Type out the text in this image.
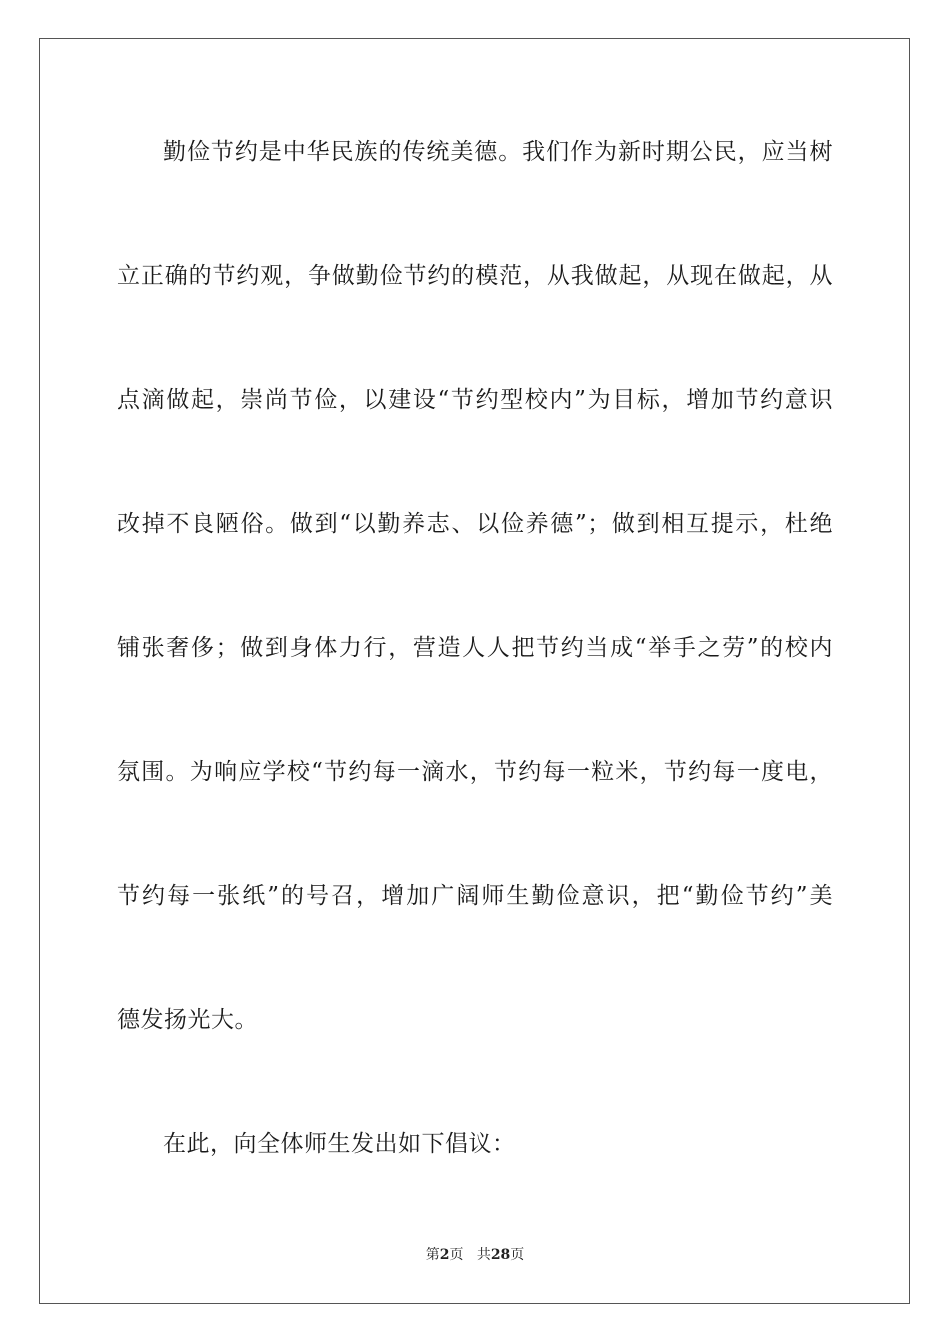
勤俭节约是中华民族的传统美德。我们作为新时期公民，应当树
立正确的节约观，争做勤俭节约的模范，从我做起，从现在做起，从
点滴做起，崇尚节俭，以建设“节约型校内”为目标，增加节约意识
改掉不良陋俗。做到“以勤养志、以俭养德”；做到相互提示，杜绝
铺张奢侈；做到身体力行，营造人人把节约当成“举手之劳”的校内
氛围。为响应学校“节约每一滴水，节约每一粒米，节约每一度电，
节约每一张纸”的号召，增加广阔师生勤俭意识，把“勤俭节约”美
德发扬光大。
在此，向全体师生发出如下倡议：
第2页 共28页
